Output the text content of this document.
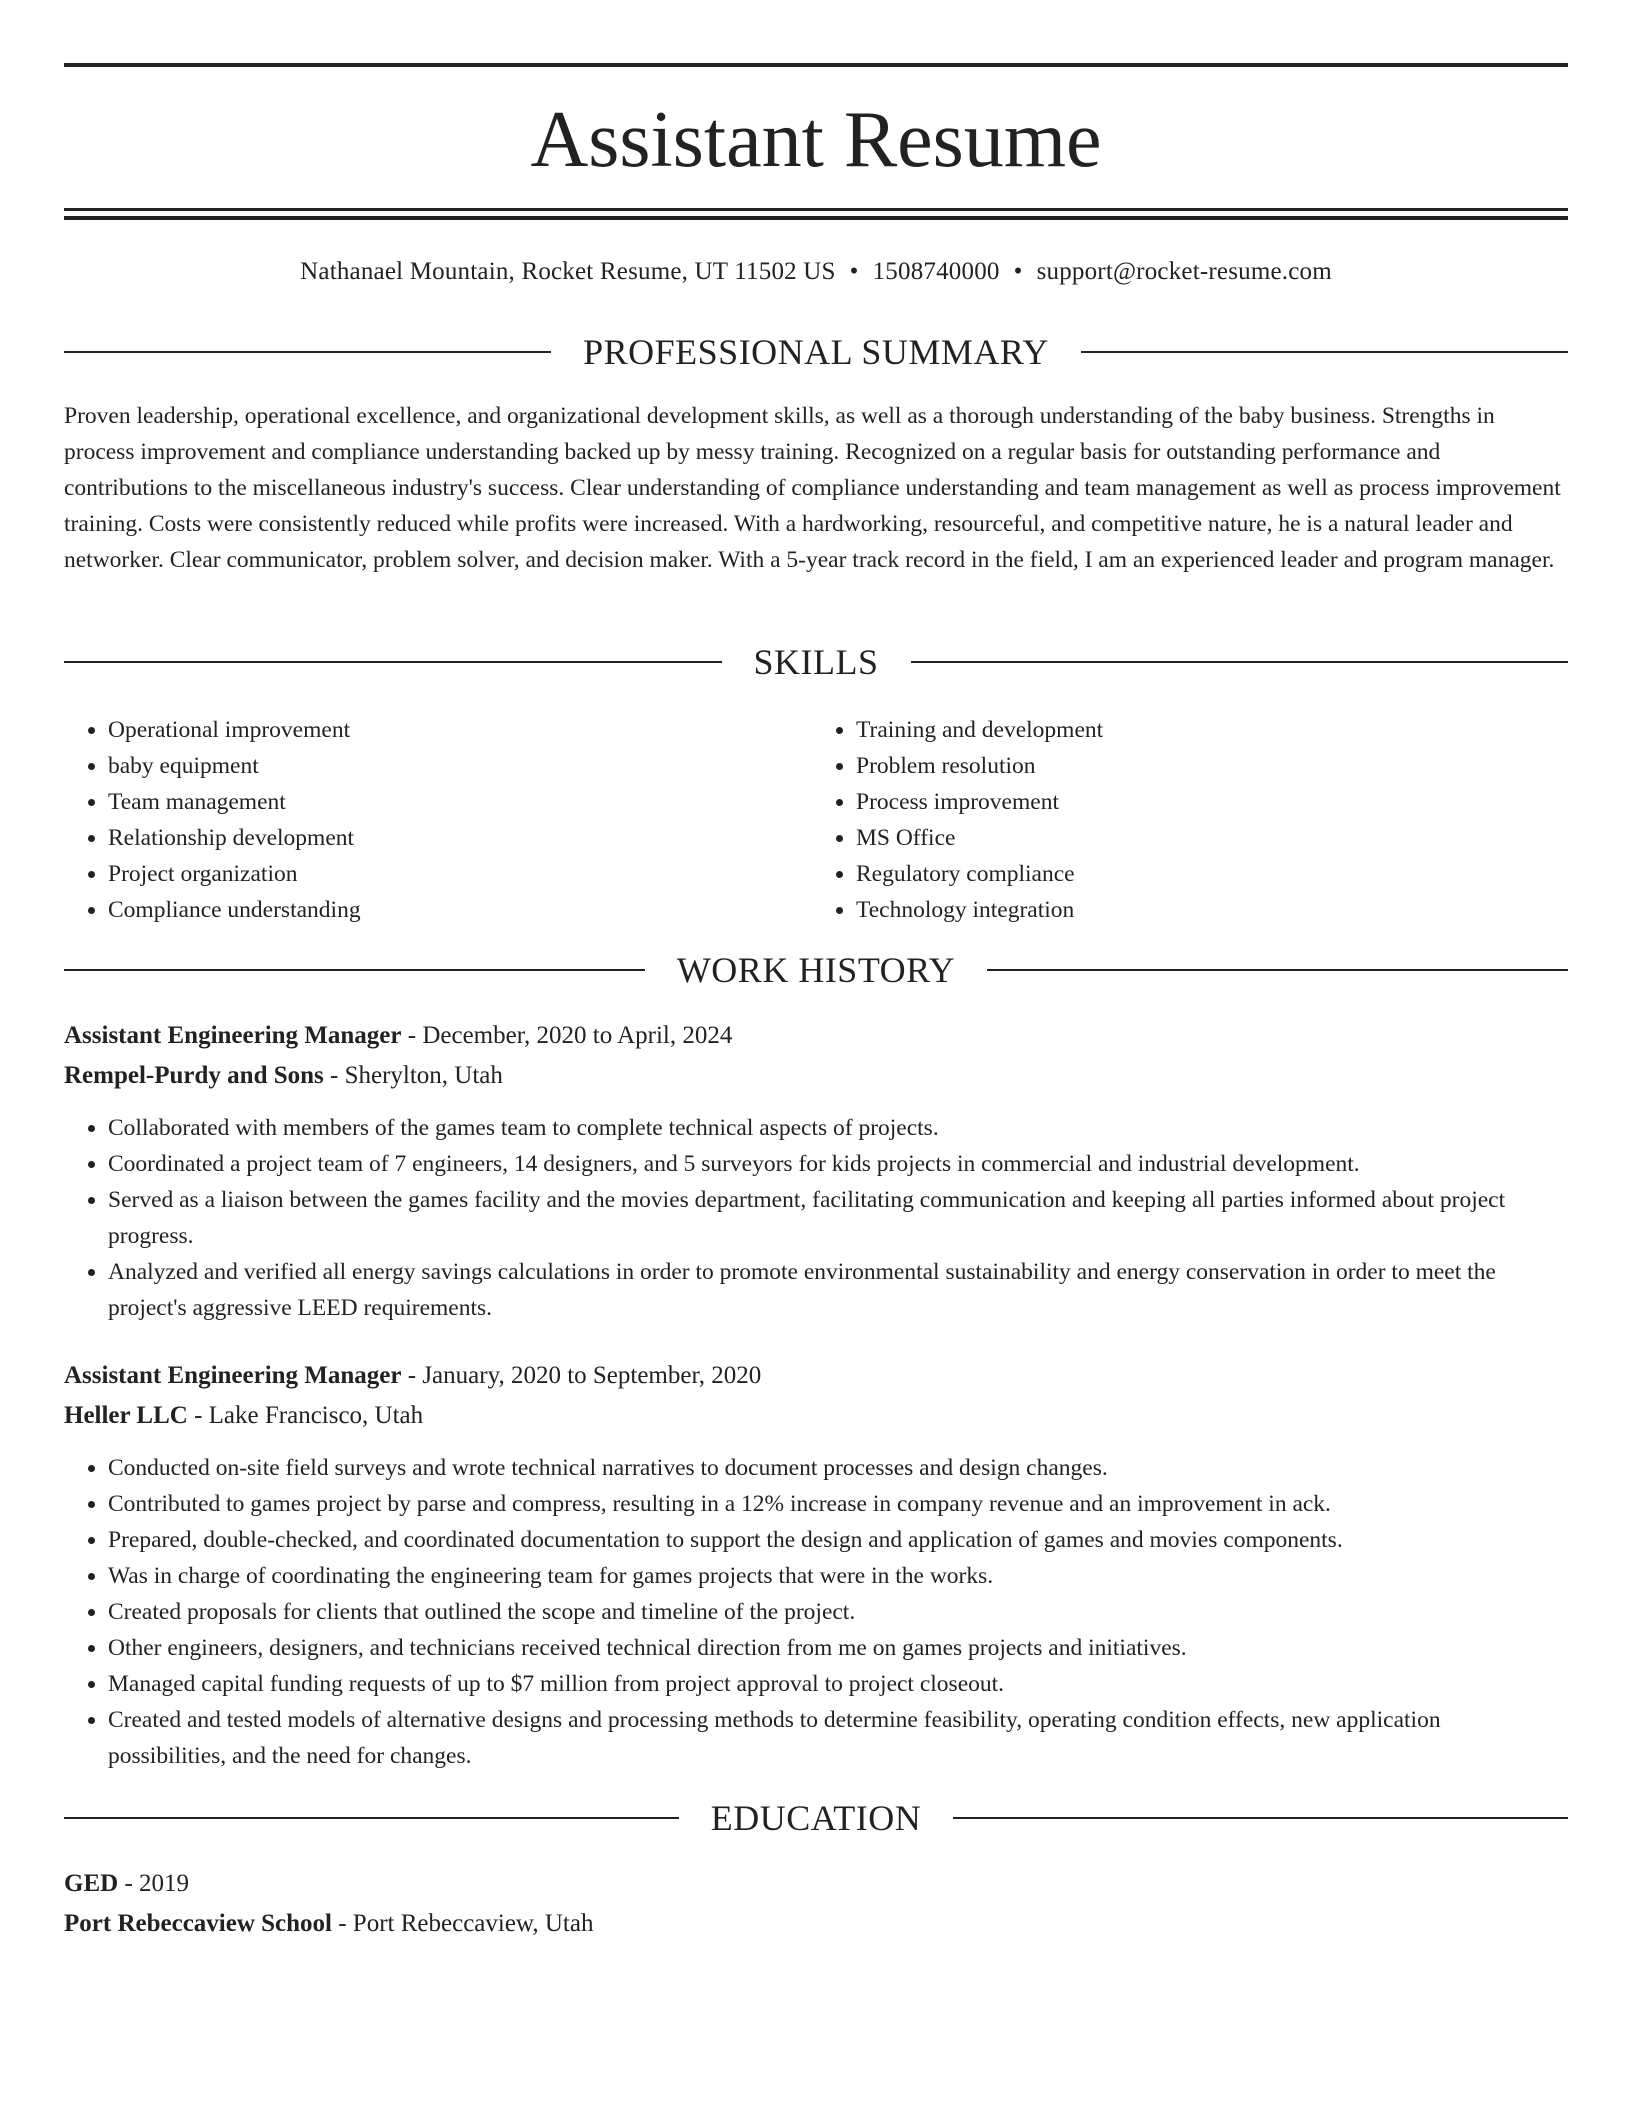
Assistant Resume
Nathanael Mountain, Rocket Resume, UT 11502 US • 1508740000 • support@rocket-resume.com
PROFESSIONAL SUMMARY

Proven leadership, operational excellence, and organizational development skills, as well as a thorough understanding of the baby business. Strengths in process improvement and compliance understanding backed up by messy training. Recognized on a regular basis for outstanding performance and contributions to the miscellaneous industry's success. Clear understanding of compliance understanding and team management as well as process improvement training. Costs were consistently reduced while profits were increased. With a hardworking, resourceful, and competitive nature, he is a natural leader and networker. Clear communicator, problem solver, and decision maker. With a 5-year track record in the field, I am an experienced leader and program manager.

SKILLS
• Operational improvement
• baby equipment
• Team management
• Relationship development
• Project organization
• Compliance understanding
• Training and development
• Problem resolution
• Process improvement
• MS Office
• Regulatory compliance
• Technology integration
WORK HISTORY
Assistant Engineering Manager - December, 2020 to April, 2024
Rempel-Purdy and Sons - Sherylton, Utah
• Collaborated with members of the games team to complete technical aspects of projects.
• Coordinated a project team of 7 engineers, 14 designers, and 5 surveyors for kids projects in commercial and industrial development.
• Served as a liaison between the games facility and the movies department, facilitating communication and keeping all parties informed about project progress.
• Analyzed and verified all energy savings calculations in order to promote environmental sustainability and energy conservation in order to meet the project's aggressive LEED requirements.
Assistant Engineering Manager - January, 2020 to September, 2020
Heller LLC - Lake Francisco, Utah
• Conducted on-site field surveys and wrote technical narratives to document processes and design changes.
• Contributed to games project by parse and compress, resulting in a 12% increase in company revenue and an improvement in ack.
• Prepared, double-checked, and coordinated documentation to support the design and application of games and movies components.
• Was in charge of coordinating the engineering team for games projects that were in the works.
• Created proposals for clients that outlined the scope and timeline of the project.
• Other engineers, designers, and technicians received technical direction from me on games projects and initiatives.
• Managed capital funding requests of up to $7 million from project approval to project closeout.
• Created and tested models of alternative designs and processing methods to determine feasibility, operating condition effects, new application possibilities, and the need for changes.
EDUCATION
GED - 2019
Port Rebeccaview School - Port Rebeccaview, Utah
